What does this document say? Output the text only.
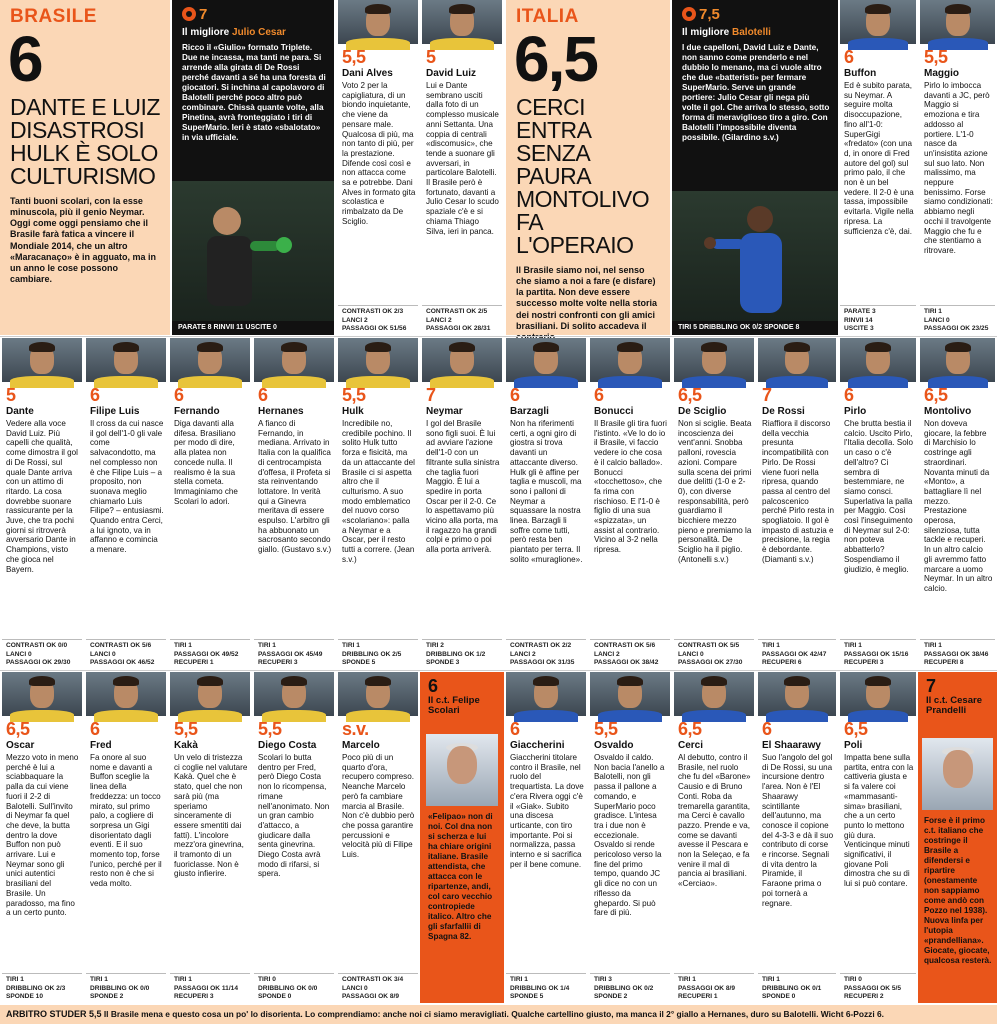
BRASILE
6
DANTE E LUIZ DISASTROSI HULK È SOLO CULTURISMO
Tanti buoni scolari, con la esse minuscola, più il genio Neymar. Oggi come oggi pensiamo che il Brasile farà fatica a vincere il Mondiale 2014, che un altro «Maracanaço» è in agguato, ma in un anno le cose possono cambiare.
7
Il migliore Julio Cesar
Ricco il «Giulio» formato Triplete. Due ne incassa, ma tanti ne para. Si arrende alla girata di De Rossi perché davanti a sé ha una foresta di giocatori. Si inchina al capolavoro di Balotelli perché poco altro può combinare. Chissà quante volte, alla Pinetina, avrà fronteggiato i tiri di SuperMario. Ieri è stato «sbalotato» in via ufficiale.
PARATE 8 RINVII 11 USCITE 0
5,5
Dani Alves
Voto 2 per la capigliatura, di un biondo inquietante, che viene da pensare male. Qualcosa di più, ma non tanto di più, per la prestazione. Difende così così e non attacca come sa e potrebbe. Dani Alves in formato gita scolastica e rimbalzato da De Sciglio.
CONTRASTI OK 2/3
LANCI 2
PASSAGGI OK 51/56
5
David Luiz
Lui e Dante sembrano usciti dalla foto di un complesso musicale anni Settanta. Una coppia di centrali «discomusic», che tende a suonare gli avversari, in particolare Balotelli. Il Brasile però è fortunato, davanti a Julio Cesar lo scudo spaziale c'è e si chiama Thiago Silva, ieri in panca.
CONTRASTI OK 2/5
LANCI 2
PASSAGGI OK 28/31
ITALIA
6,5
CERCI ENTRA SENZA PAURA MONTOLIVO FA L'OPERAIO
Il Brasile siamo noi, nel senso che siamo a noi a fare (e disfare) la partita. Non deve essere successo molte volte nella storia dei nostri confronti con gli amici brasiliani. Di solito accadeva il
7,5
Il migliore Balotelli
I due capelloni, David Luiz e Dante, non sanno come prenderlo e nel dubbio lo menano, ma ci vuole altro che due «batteristi» per fermare SuperMario. Serve un grande portiere: Julio Cesar gli nega più volte il gol. Che arriva lo stesso, sotto forma di meraviglioso tiro a giro. Con Balotelli l'impossibile diventa possibile. (Gilardino s.v.)
TIRI 5 DRIBBLING OK 0/2 SPONDE 8
6
Buffon
Ed è subito parata, su Neymar. A seguire molta disoccupazione, fino all'1-0: SuperGigi «fredato» (con una d, in onore di Fred autore del gol) sul primo palo, il che non è un bel vedere. Il 2-0 è una tassa, impossibile evitarla. Vigile nella ripresa. La sufficienza c'è, dai.
PARATE 3
RINVII 14
USCITE 3
5,5
Maggio
Pirlo lo imbocca davanti a JC, però Maggio si emoziona e tira addosso al portiere. L'1-0 nasce da un'insistita azione sul suo lato. Non malissimo, ma neppure benissimo. Forse siamo condizionati: abbiamo negli occhi il travolgente Maggio che fu e che stentiamo a ritrovare.
TIRI 1
LANCI 0
PASSAGGI OK 23/25
5
Dante
Vedere alla voce David Luiz. Più capelli che qualità, come dimostra il gol di De Rossi, sul quale Dante arriva con un attimo di ritardo. La cosa dovrebbe suonare rassicurante per la Juve, che tra pochi giorni si ritroverà avversario Dante in Champions, visto che gioca nel Bayern.
CONTRASTI OK 0/0
LANCI 0
PASSAGGI OK 29/30
6
Filipe Luis
Il cross da cui nasce il gol dell'1-0 gli vale come salvacondotto, ma nel complesso non è che Filipe Luis – a proposito, non suonava meglio chiamarlo Luis Filipe? – entusiasmi. Quando entra Cerci, a lui ignoto, va in affanno e comincia a menare.
CONTRASTI OK 5/6
LANCI 0
PASSAGGI OK 46/52
6
Fernando
Diga davanti alla difesa. Brasiliano per modo di dire, alla platea non concede nulla. Il realismo è la sua stella cometa. Immaginiamo che Scolari lo adori.
TIRI 1
PASSAGGI OK 49/52
RECUPERI 1
6
Hernanes
A fianco di Fernando, in mediana. Arrivato in Italia con la qualifica di centrocampista d'offesa, il Profeta si sta reinventando lottatore. In verità qui a Ginevra meritava di essere espulso. L'arbitro gli ha abbuonato un sacrosanto secondo giallo. (Gustavo s.v.)
TIRI 1
PASSAGGI OK 45/49
RECUPERI 3
5,5
Hulk
Incredibile no, credibile pochino. Il solito Hulk tutto forza e fisicità, ma da un attaccante del Brasile ci si aspetta altro che il culturismo. A suo modo emblematico del nuovo corso «scolariano»: palla a Neymar e a Oscar, per il resto tutti a correre. (Jean s.v.)
TIRI 1
DRIBBLING OK 2/5
SPONDE 5
7
Neymar
I gol del Brasile sono figli suoi. È lui ad avviare l'azione dell'1-0 con un filtrante sulla sinistra che taglia fuori Maggio. È lui a spedire in porta Oscar per il 2-0. Ce lo aspettavamo più vicino alla porta, ma il ragazzo ha grandi colpi e primo o poi alla porta arriverà.
TIRI 2
DRIBBLING OK 1/2
SPONDE 3
6
Barzagli
Non ha riferimenti certi, a ogni giro di giostra si trova davanti un attaccante diverso. Hulk gli è affine per taglia e muscoli, ma sono i palloni di Neymar a squassare la nostra linea. Barzagli li soffre come tutti, però resta ben piantato per terra. Il solito «muraglione».
CONTRASTI OK 2/2
LANCI 2
PASSAGGI OK 31/35
6
Bonucci
Il Brasile gli tira fuori l'istinto. «Ve lo do io il Brasile, vi faccio vedere io che cosa è il calcio ballado». Bonucci «tocchettoso», che fa rima con rischioso. E l'1-0 è figlio di una sua «spizzata», un assist al contrario. Vicino al 3-2 nella ripresa.
CONTRASTI OK 5/6
LANCI 2
PASSAGGI OK 38/42
6,5
De Sciglio
Non si sciglie. Beata incoscienza dei vent'anni. Snobba palloni, rovescia azioni. Compare sulla scena dei primi due delitti (1-0 e 2-0), con diverse responsabilità, però guardiamo il bicchiere mezzo pieno e premiamo la personalità. De Sciglio ha il piglio. (Antonelli s.v.)
CONTRASTI OK 5/5
LANCI 0
PASSAGGI OK 27/30
7
De Rossi
Riaffiora il discorso della vecchia presunta incompatibilità con Pirlo. De Rossi viene fuori nella ripresa, quando passa al centro del palcoscenico perché Pirlo resta in spogliatoio. Il gol è impasto di astuzia e precisione, la regia è debordante. (Diamanti s.v.)
TIRI 1
PASSAGGI OK 42/47
RECUPERI 6
6
Pirlo
Che brutta bestia il calcio. Uscito Pirlo, l'Italia decolla. Solo un caso o c'è dell'altro? Ci sembra di bestemmiare, ne siamo consci. Superlativa la palla per Maggio. Così così l'inseguimento di Neymar sul 2-0: non poteva abbatterlo? Sospendiamo il giudizio, è meglio.
TIRI 1
PASSAGGI OK 15/16
RECUPERI 3
6,5
Montolivo
Non doveva giocare, la febbre di Marchisio lo costringe agli straordinari. Novanta minuti da «Monto», a battagliare lì nel mezzo. Prestazione operosa, silenziosa, tutta tackle e recuperi. In un altro calcio gli avremmo fatto marcare a uomo Neymar. In un altro calcio.
TIRI 1
PASSAGGI OK 38/46
RECUPERI 8
6,5
Oscar
Mezzo voto in meno perché è lui a sciabbaquare la palla da cui viene fuori il 2-2 di Balotelli. Sull'invito di Neymar fa quel che deve, la butta dentro la dove Buffon non può arrivare. Lui e Neymar sono gli unici autentici brasiliani del Brasile. Un paradosso, ma fino a un certo punto.
TIRI 1
DRIBBLING OK 2/3
SPONDE 10
6
Fred
Fa onore al suo nome e davanti a Buffon sceglie la linea della freddezza: un tocco mirato, sul primo palo, a cogliere di sorpresa un Gigi disorientato dagli eventi. E il suo momento top, forse l'unico, perché per il resto non è che si veda molto.
TIRI 1
DRIBBLING OK 0/0
SPONDE 2
5,5
Kakà
Un velo di tristezza ci coglie nel valutare Kakà. Quel che è stato, quel che non sarà più (ma speriamo sinceramente di essere smentiti dai fatti). L'incolore mezz'ora ginevrina, il tramonto di un fuoriclasse. Non è giusto infierire.
TIRI 1
PASSAGGI OK 11/14
RECUPERI 3
5,5
Diego Costa
Scolari lo butta dentro per Fred, però Diego Costa non lo ricompensa, rimane nell'anonimato. Non un gran cambio d'attacco, a giudicare dalla senta ginevrina. Diego Costa avrà modo di rifarsi, si spera.
TIRI 0
DRIBBLING OK 0/0
SPONDE 0
s.v.
Marcelo
Poco più di un quarto d'ora, recupero compreso. Neanche Marcelo però fa cambiare marcia al Brasile. Non c'è dubbio però che possa garantire percussioni e velocità più di Filipe Luis.
CONTRASTI OK 3/4
LANCI 0
PASSAGGI OK 8/9
6
Giaccherini
Giaccherini titolare contro il Brasile, nel ruolo del trequartista. La dove c'era Rivera oggi c'è il «Giak». Subito una discesa urticante, con tiro importante. Poi si normalizza, passa interno e si sacrifica per il bene comune.
TIRI 1
DRIBBLING OK 1/4
SPONDE 5
5,5
Osvaldo
Osvaldo il caldo. Non bacia l'anello a Balotelli, non gli passa il pallone a comando, e SuperMario poco gradisce. L'intesa tra i due non è eccezionale. Osvaldo si rende pericoloso verso la fine del primo tempo, quando JC gli dice no con un riflesso da ghepardo. Si può fare di più.
TIRI 3
DRIBBLING OK 0/2
SPONDE 2
6,5
Cerci
Al debutto, contro il Brasile, nel ruolo che fu del «Barone» Causio e di Bruno Conti. Roba da tremarella garantita, ma Cerci è cavallo pazzo. Prende e va, come se davanti avesse il Pescara e non la Seleçao, e fa venire il mal di pancia ai brasiliani. «Cerciao».
TIRI 1
PASSAGGI OK 8/9
RECUPERI 1
6
El Shaarawy
Suo l'angolo del gol di De Rossi, su una incursione dentro l'area. Non è l'El Shaarawy scintillante dell'autunno, ma conosce il copione del 4-3-3 e dà il suo contributo di corse e rincorse. Segnali di vita dentro la Piramide, il Faraone prima o poi tornerà a regnare.
TIRI 1
DRIBBLING OK 0/1
SPONDE 0
6,5
Poli
Impatta bene sulla partita, entra con la cattiveria giusta e si fa valere coi «mammasanti-sima» brasiliani, che a un certo punto lo mettono giù dura. Venticinque minuti significativi, il giovane Poli dimostra che su di lui si può contare.
TIRI 0
PASSAGGI OK 5/5
RECUPERI 2
6
Il c.t. Felipe Scolari
«Felipao» non di noi. Col dna non si scherza e lui ha chiare origini italiane. Brasile attendista, che attacca con le ripartenze, andi, col caro vecchio contropiede italico. Altro che gli sfarfallii di Spagna 82.
7
Il c.t. Cesare Prandelli
Forse è il primo c.t. italiano che costringe il Brasile a difendersi e ripartire (onestamente non sappiamo come andò con Pozzo nel 1938). Nuova linfa per l'utopia «prandelliana». Giocate, giocate, qualcosa resterà.
ARBITRO STUDER 5,5 Il Brasile mena e questo cosa un po' lo disorienta. Lo comprendiamo: anche noi ci siamo meravigliati. Qualche cartellino giusto, ma manca il 2° giallo a Hernanes, duro su Balotelli. Wicht 6-Pozzi 6.
